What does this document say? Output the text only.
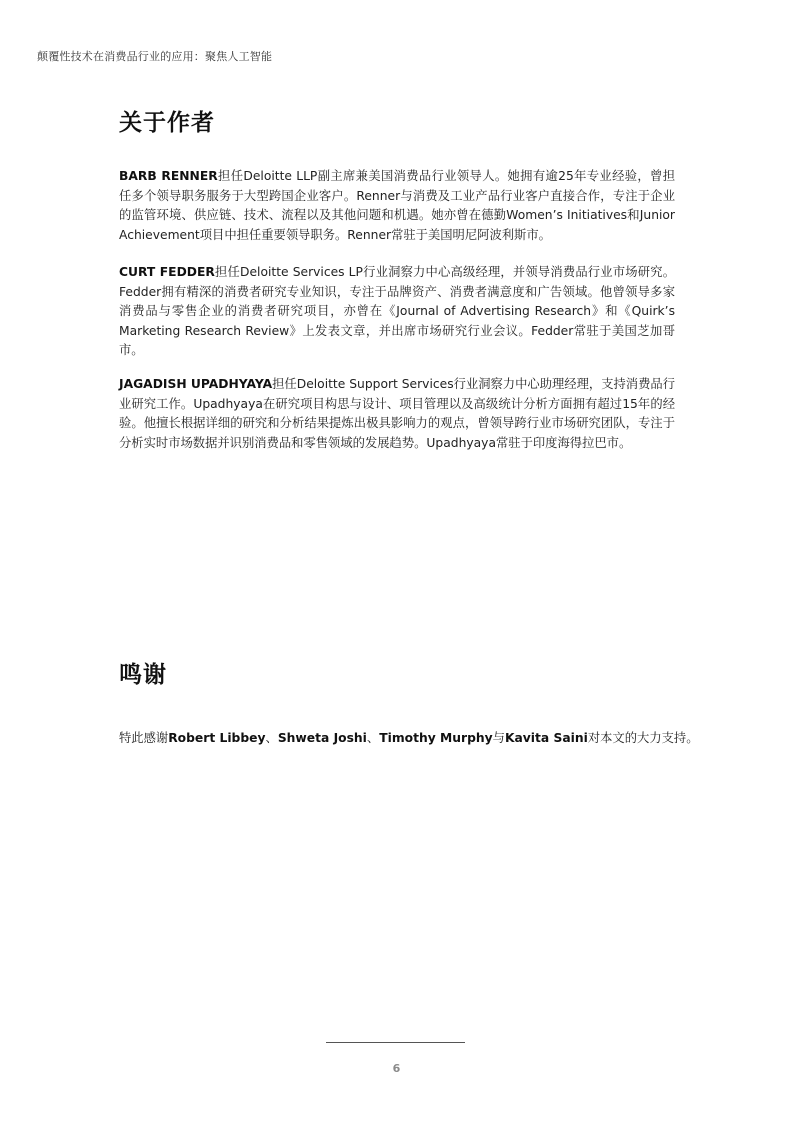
颠覆性技术在消费品行业的应用：聚焦人工智能
关于作者

BARB RENNER担任Deloitte LLP副主席兼美国消费品行业领导人。她拥有逾25年专业经验，曾担任多个领导职务服务于大型跨国企业客户。Renner与消费及工业产品行业客户直接合作，专注于企业的监管环境、供应链、技术、流程以及其他问题和机遇。她亦曾在德勤Women’s Initiatives和Junior Achievement项目中担任重要领导职务。Renner常驻于美国明尼阿波利斯市。

CURT FEDDER担任Deloitte Services LP行业洞察力中心高级经理，并领导消费品行业市场研究。Fedder拥有精深的消费者研究专业知识，专注于品牌资产、消费者满意度和广告领域。他曾领导多家消费品与零售企业的消费者研究项目，亦曾在《Journal of Advertising Research》和《Quirk’s Marketing Research Review》上发表文章，并出席市场研究行业会议。Fedder常驻于美国芝加哥市。

JAGADISH UPADHYAYA担任Deloitte Support Services行业洞察力中心助理经理，支持消费品行业研究工作。Upadhyaya在研究项目构思与设计、项目管理以及高级统计分析方面拥有超过15年的经验。他擅长根据详细的研究和分析结果提炼出极具影响力的观点，曾领导跨行业市场研究团队，专注于分析实时市场数据并识别消费品和零售领域的发展趋势。Upadhyaya常驻于印度海得拉巴市。

鸣谢

特此感谢Robert Libbey、Shweta Joshi、Timothy Murphy与Kavita Saini对本文的大力支持。

6
